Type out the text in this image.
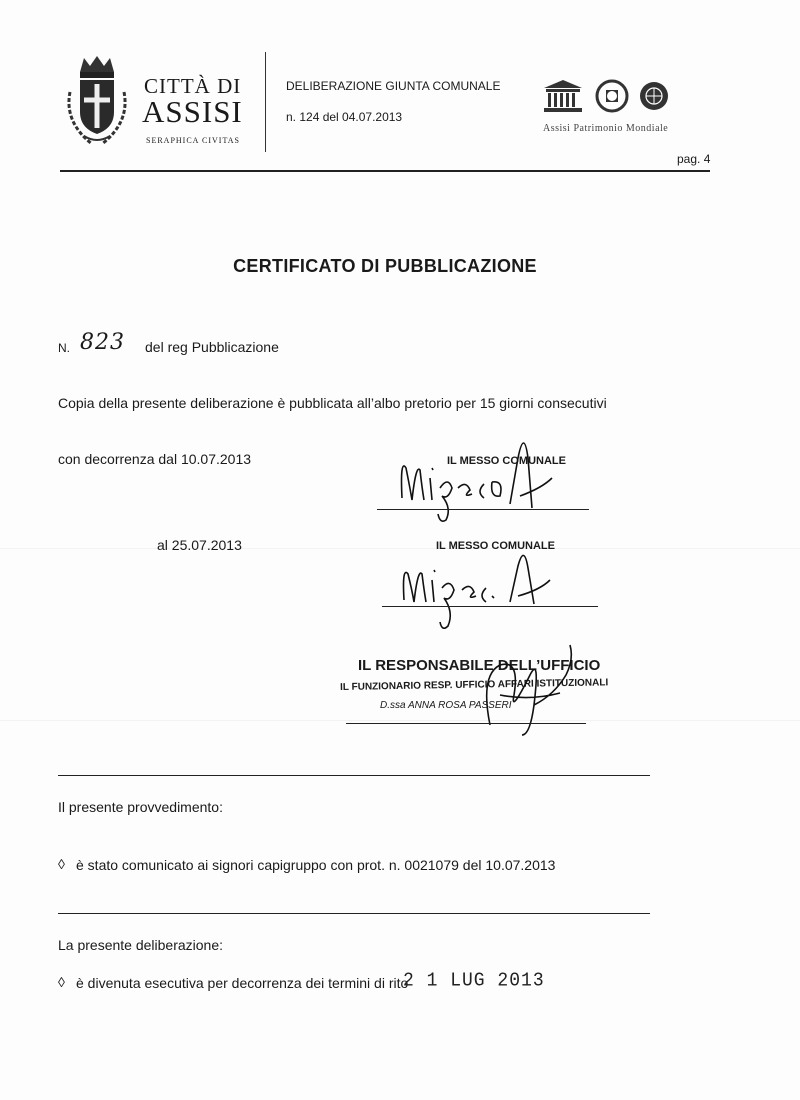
CITTÀ DI
ASSISI
SERAPHICA CIVITAS
DELIBERAZIONE GIUNTA COMUNALE
n. 124 del 04.07.2013
Assisi Patrimonio Mondiale
pag. 4
CERTIFICATO DI PUBBLICAZIONE
N. 823 del reg Pubblicazione
Copia della presente deliberazione è pubblicata all’albo pretorio per 15 giorni consecutivi
con decorrenza dal 10.07.2013
al 25.07.2013
IL MESSO COMUNALE
IL MESSO COMUNALE
IL RESPONSABILE DELL’UFFICIO
IL FUNZIONARIO RESP. UFFICIO AFFARI ISTITUZIONALI
D.ssa ANNA ROSA PASSERI
Il presente provvedimento:
◊ è stato comunicato ai signori capigruppo con prot. n. 0021079 del 10.07.2013
La presente deliberazione:
◊ è divenuta esecutiva per decorrenza dei termini di rito
2 1 LUG 2013
